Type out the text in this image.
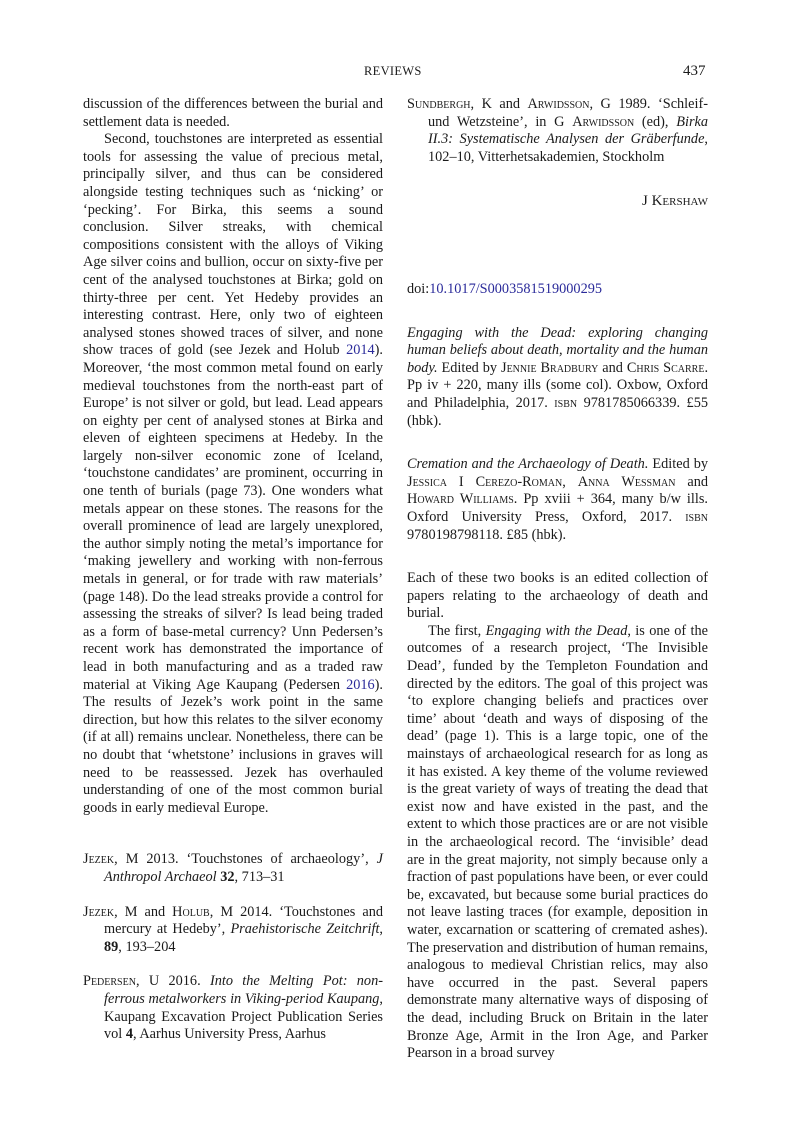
REVIEWS	437

discussion of the differences between the burial and settlement data is needed.

Second, touchstones are interpreted as essential tools for assessing the value of precious metal, principally silver, and thus can be considered alongside testing techniques such as ‘nicking’ or ‘pecking’. For Birka, this seems a sound conclusion. Silver streaks, with chemical compositions consistent with the alloys of Viking Age silver coins and bullion, occur on sixty-five per cent of the analysed touchstones at Birka; gold on thirty-three per cent. Yet Hedeby provides an interesting contrast. Here, only two of eighteen analysed stones showed traces of silver, and none show traces of gold (see Jezek and Holub 2014). Moreover, ‘the most common metal found on early medieval touchstones from the north-east part of Europe’ is not silver or gold, but lead. Lead appears on eighty per cent of analysed stones at Birka and eleven of eighteen specimens at Hedeby. In the largely non-silver economic zone of Iceland, ‘touchstone candidates’ are prominent, occurring in one tenth of burials (page 73). One wonders what metals appear on these stones. The reasons for the overall prominence of lead are largely unexplored, the author simply noting the metal’s importance for ‘making jewellery and working with non-ferrous metals in general, or for trade with raw materials’ (page 148). Do the lead streaks provide a control for assessing the streaks of silver? Is lead being traded as a form of base-metal currency? Unn Pedersen’s recent work has demonstrated the importance of lead in both manufacturing and as a traded raw material at Viking Age Kaupang (Pedersen 2016). The results of Jezek’s work point in the same direction, but how this relates to the silver economy (if at all) remains unclear. Nonetheless, there can be no doubt that ‘whetstone’ inclusions in graves will need to be reassessed. Jezek has overhauled understanding of one of the most common burial goods in early medieval Europe.

Jezek, M 2013. ‘Touchstones of archaeology’, J Anthropol Archaeol 32, 713–31

Jezek, M and Holub, M 2014. ‘Touchstones and mercury at Hedeby’, Praehistorische Zeitchrift, 89, 193–204

Pedersen, U 2016. Into the Melting Pot: non-ferrous metalworkers in Viking-period Kaupang, Kaupang Excavation Project Publication Series vol 4, Aarhus University Press, Aarhus

Sundbergh, K and Arwidsson, G 1989. ‘Schleif- und Wetzsteine’, in G Arwidsson (ed), Birka II.3: Systematische Analysen der Gräberfunde, 102–10, Vitterhetsakademien, Stockholm

J Kershaw

doi:10.1017/S0003581519000295

Engaging with the Dead: exploring changing human beliefs about death, mortality and the human body. Edited by Jennie Bradbury and Chris Scarre. Pp iv + 220, many ills (some col). Oxbow, Oxford and Philadelphia, 2017. isbn 9781785066339. £55 (hbk).

Cremation and the Archaeology of Death. Edited by Jessica I Cerezo-Roman, Anna Wessman and Howard Williams. Pp xviii + 364, many b/w ills. Oxford University Press, Oxford, 2017. isbn 9780198798118. £85 (hbk).

Each of these two books is an edited collection of papers relating to the archaeology of death and burial.

The first, Engaging with the Dead, is one of the outcomes of a research project, ‘The Invisible Dead’, funded by the Templeton Foundation and directed by the editors. The goal of this project was ‘to explore changing beliefs and practices over time’ about ‘death and ways of disposing of the dead’ (page 1). This is a large topic, one of the mainstays of archaeological research for as long as it has existed. A key theme of the volume reviewed is the great variety of ways of treating the dead that exist now and have existed in the past, and the extent to which those practices are or are not visible in the archaeological record. The ‘invisible’ dead are in the great majority, not simply because only a fraction of past populations have been, or ever could be, excavated, but because some burial practices do not leave lasting traces (for example, deposition in water, excarnation or scattering of cremated ashes). The preservation and distribution of human remains, analogous to medieval Christian relics, may also have occurred in the past. Several papers demonstrate many alternative ways of disposing of the dead, including Bruck on Britain in the later Bronze Age, Armit in the Iron Age, and Parker Pearson in a broad survey
